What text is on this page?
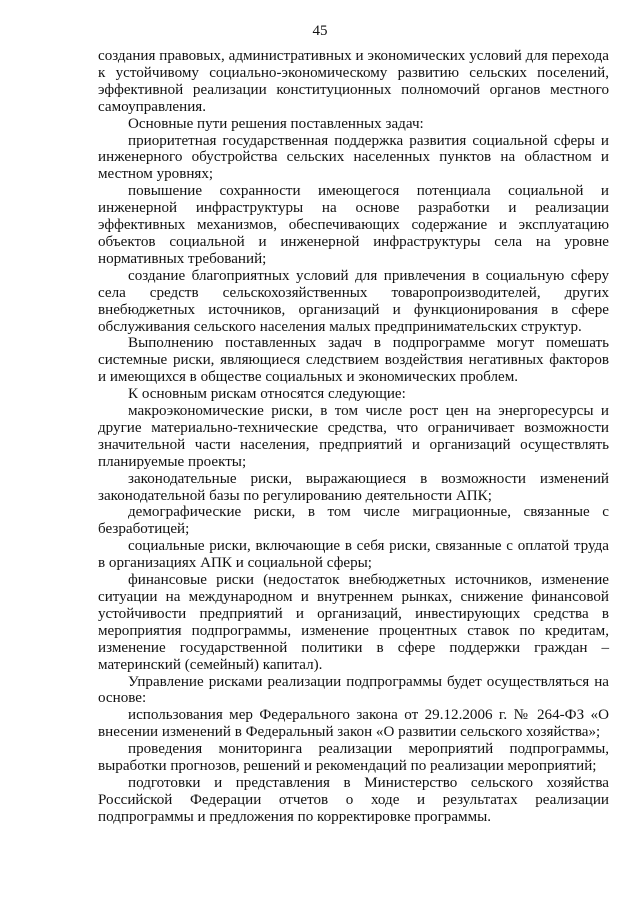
45

создания правовых, административных и экономических условий для перехода к устойчивому социально-экономическому развитию сельских поселений, эффективной реализации конституционных полномочий органов местного самоуправления.

Основные пути решения поставленных задач:

приоритетная государственная поддержка развития социальной сферы и инженерного обустройства сельских населенных пунктов на областном и местном уровнях;

повышение сохранности имеющегося потенциала социальной и инженерной инфраструктуры на основе разработки и реализации эффективных механизмов, обеспечивающих содержание и эксплуатацию объектов социальной и инженерной инфраструктуры села на уровне нормативных требований;

создание благоприятных условий для привлечения в социальную сферу села средств сельскохозяйственных товаропроизводителей, других внебюджетных источников, организаций и функционирования в сфере обслуживания сельского населения малых предпринимательских структур.

Выполнению поставленных задач в подпрограмме могут помешать системные риски, являющиеся следствием воздействия негативных факторов и имеющихся в обществе социальных и экономических проблем.

К основным рискам относятся следующие:

макроэкономические риски, в том числе рост цен на энергоресурсы и другие материально-технические средства, что ограничивает возможности значительной части населения, предприятий и организаций осуществлять планируемые проекты;

законодательные риски, выражающиеся в возможности изменений законодательной базы по регулированию деятельности АПК;

демографические риски, в том числе миграционные, связанные с безработицей;

социальные риски, включающие в себя риски, связанные с оплатой труда в организациях АПК и социальной сферы;

финансовые риски (недостаток внебюджетных источников, изменение ситуации на международном и внутреннем рынках, снижение финансовой устойчивости предприятий и организаций, инвестирующих средства в мероприятия подпрограммы, изменение процентных ставок по кредитам, изменение государственной политики в сфере поддержки граждан – материнский (семейный) капитал).

Управление рисками реализации подпрограммы будет осуществляться на основе:

использования мер Федерального закона от 29.12.2006 г. № 264-ФЗ «О внесении изменений в Федеральный закон «О развитии сельского хозяйства»;

проведения мониторинга реализации мероприятий подпрограммы, выработки прогнозов, решений и рекомендаций по реализации мероприятий;

подготовки и представления в Министерство сельского хозяйства Российской Федерации отчетов о ходе и результатах реализации подпрограммы и предложения по корректировке программы.
